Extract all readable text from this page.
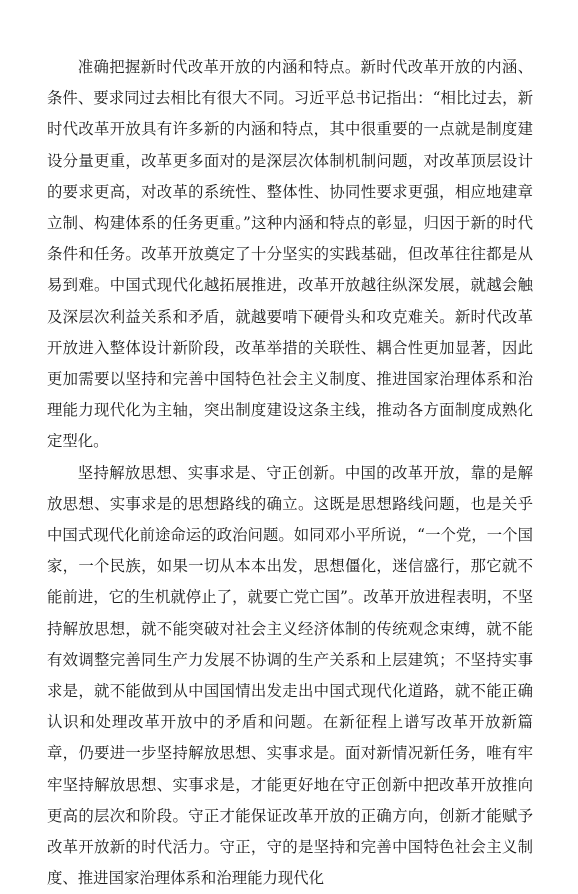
准确把握新时代改革开放的内涵和特点。新时代改革开放的内涵、条件、要求同过去相比有很大不同。习近平总书记指出：“相比过去，新时代改革开放具有许多新的内涵和特点，其中很重要的一点就是制度建设分量更重，改革更多面对的是深层次体制机制问题，对改革顶层设计的要求更高，对改革的系统性、整体性、协同性要求更强，相应地建章立制、构建体系的任务更重。”这种内涵和特点的彰显，归因于新的时代条件和任务。改革开放奠定了十分坚实的实践基础，但改革往往都是从易到难。中国式现代化越拓展推进，改革开放越往纵深发展，就越会触及深层次利益关系和矛盾，就越要啃下硬骨头和攻克难关。新时代改革开放进入整体设计新阶段，改革举措的关联性、耦合性更加显著，因此更加需要以坚持和完善中国特色社会主义制度、推进国家治理体系和治理能力现代化为主轴，突出制度建设这条主线，推动各方面制度成熟化定型化。

坚持解放思想、实事求是、守正创新。中国的改革开放，靠的是解放思想、实事求是的思想路线的确立。这既是思想路线问题，也是关乎中国式现代化前途命运的政治问题。如同邓小平所说，“一个党，一个国家，一个民族，如果一切从本本出发，思想僵化，迷信盛行，那它就不能前进，它的生机就停止了，就要亡党亡国”。改革开放进程表明，不坚持解放思想，就不能突破对社会主义经济体制的传统观念束缚，就不能有效调整完善同生产力发展不协调的生产关系和上层建筑；不坚持实事求是，就不能做到从中国国情出发走出中国式现代化道路，就不能正确认识和处理改革开放中的矛盾和问题。在新征程上谱写改革开放新篇章，仍要进一步坚持解放思想、实事求是。面对新情况新任务，唯有牢牢坚持解放思想、实事求是，才能更好地在守正创新中把改革开放推向更高的层次和阶段。守正才能保证改革开放的正确方向，创新才能赋予改革开放新的时代活力。守正，守的是坚持和完善中国特色社会主义制度、推进国家治理体系和治理能力现代化
